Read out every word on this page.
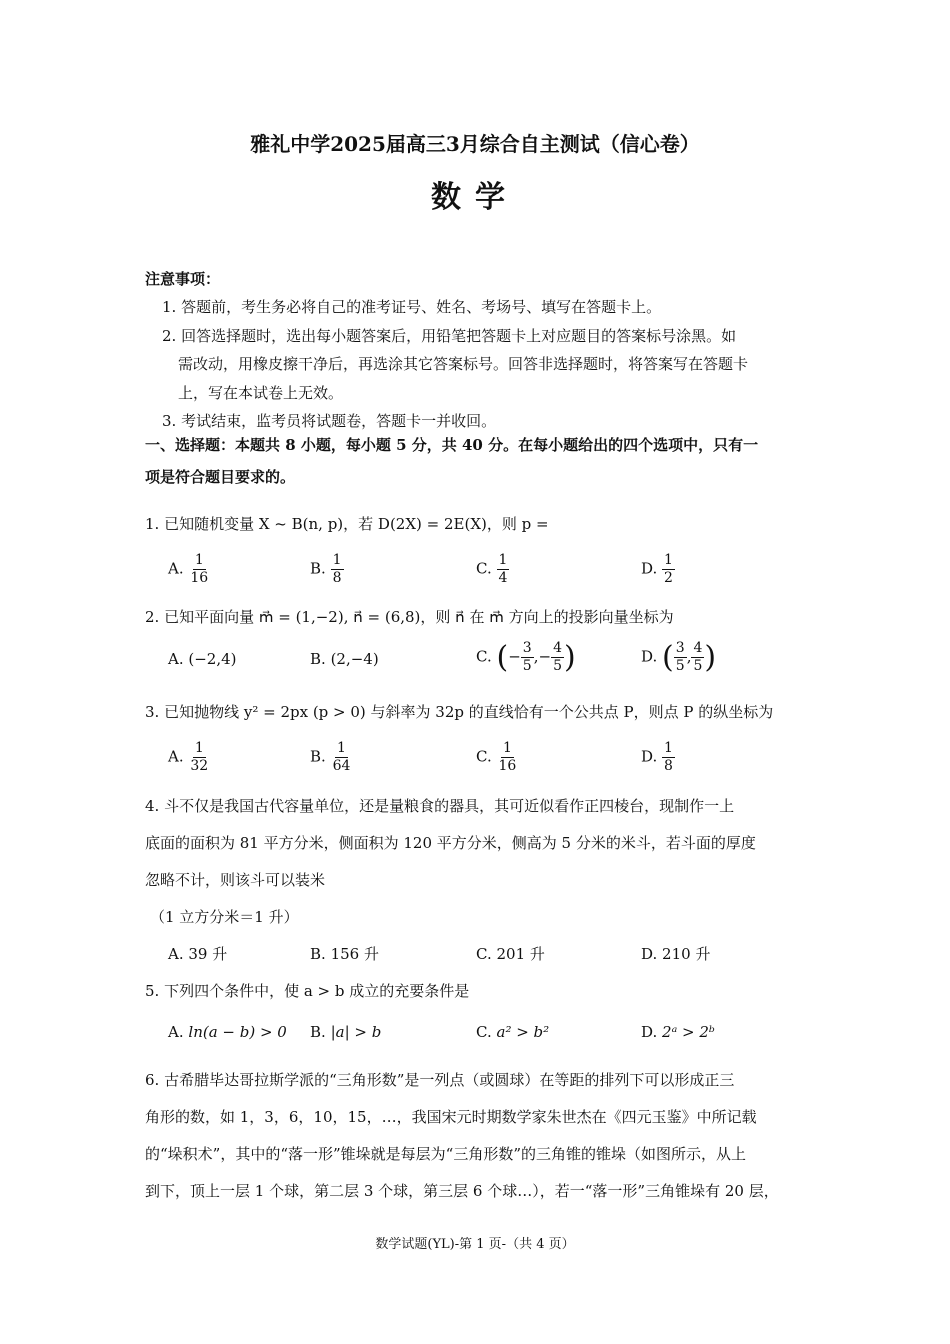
雅礼中学2025届高三3月综合自主测试（信心卷）
数学
注意事项：
1. 答题前，考生务必将自己的准考证号、姓名、考场号、填写在答题卡上。
2. 回答选择题时，选出每小题答案后，用铅笔把答题卡上对应题目的答案标号涂黑。如
需改动，用橡皮擦干净后，再选涂其它答案标号。回答非选择题时，将答案写在答题卡
上，写在本试卷上无效。
3. 考试结束，监考员将试题卷，答题卡一并收回。
一、选择题：本题共 8 小题，每小题 5 分，共 40 分。在每小题给出的四个选项中，只有一
项是符合题目要求的。
1. 已知随机变量 X ~ B(n, p)，若 D(2X) = 2E(X)，则 p =
A. $\frac{1}{16}$	B. $\frac{1}{8}$	C. $\frac{1}{4}$	D. $\frac{1}{2}$
2. 已知平面向量 m⃗ = (1,−2), n⃗ = (6,8)，则 n⃗ 在 m⃗ 方向上的投影向量坐标为
A. (−2,4)	B. (2,−4)	C. (− $\frac{3}{5}$ ,− $\frac{4}{5}$ )	D. ( $\frac{3}{5}$ , $\frac{4}{5}$ )
3. 已知抛物线 y² = 2px (p > 0) 与斜率为 32p 的直线恰有一个公共点 P，则点 P 的纵坐标为
A. $\frac{1}{32}$	B. $\frac{1}{64}$	C. $\frac{1}{16}$	D. $\frac{1}{8}$
4. 斗不仅是我国古代容量单位，还是量粮食的器具，其可近似看作正四棱台，现制作一上
底面的面积为 81 平方分米，侧面积为 120 平方分米，侧高为 5 分米的米斗，若斗面的厚度
忽略不计，则该斗可以装米
（1 立方分米＝1 升）
A. 39 升	B. 156 升	C. 201 升	D. 210 升
5. 下列四个条件中，使 a > b 成立的充要条件是
A. ln(a − b) > 0 B. |a| > b	C. a² > b²	D. 2ᵃ > 2ᵇ
6. 古希腊毕达哥拉斯学派的“三角形数”是一列点（或圆球）在等距的排列下可以形成正三
角形的数，如 1，3，6，10，15，…，我国宋元时期数学家朱世杰在《四元玉鉴》中所记载
的“垛积术”，其中的“落一形”锥垛就是每层为“三角形数”的三角锥的锥垛（如图所示，从上
到下，顶上一层 1 个球，第二层 3 个球，第三层 6 个球…），若一“落一形”三角锥垛有 20 层，
数学试题(YL)-第 1 页-（共 4 页）
